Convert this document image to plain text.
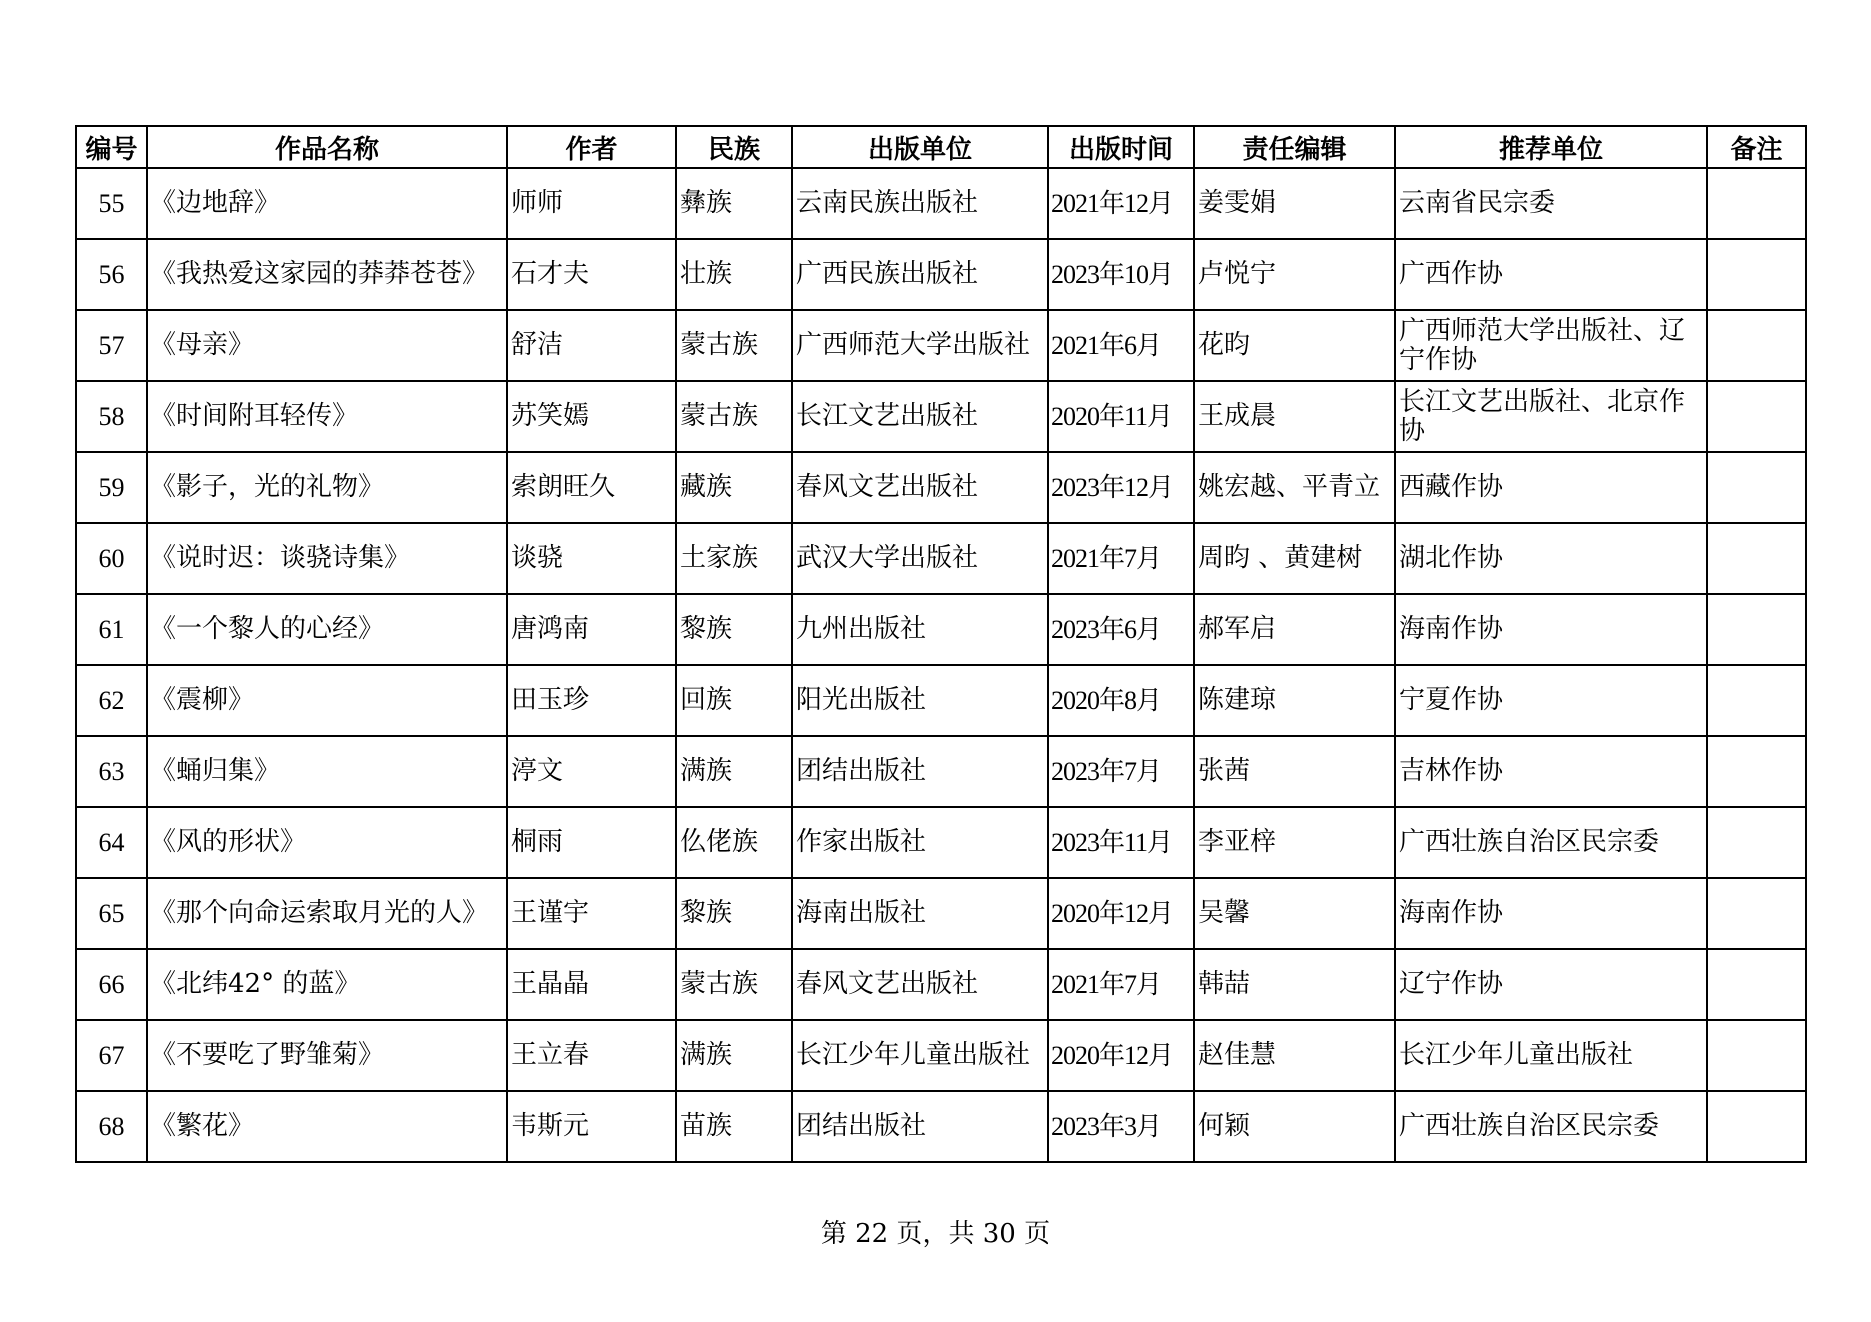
编号	作品名称	作者	民族	出版单位	出版时间	责任编辑	推荐单位	备注
55	《边地辞》	师师	彝族	云南民族出版社	2021年12月	姜雯娟	云南省民宗委	
56	《我热爱这家园的莽莽苍苍》	石才夫	壮族	广西民族出版社	2023年10月	卢悦宁	广西作协	
57	《母亲》	舒洁	蒙古族	广西师范大学出版社	2021年6月	花昀	广西师范大学出版社、辽宁作协	
58	《时间附耳轻传》	苏笑嫣	蒙古族	长江文艺出版社	2020年11月	王成晨	长江文艺出版社、北京作协	
59	《影子，光的礼物》	索朗旺久	藏族	春风文艺出版社	2023年12月	姚宏越、平青立	西藏作协	
60	《说时迟：谈骁诗集》	谈骁	土家族	武汉大学出版社	2021年7月	周昀 、黄建树	湖北作协	
61	《一个黎人的心经》	唐鸿南	黎族	九州出版社	2023年6月	郝军启	海南作协	
62	《震柳》	田玉珍	回族	阳光出版社	2020年8月	陈建琼	宁夏作协	
63	《蛹归集》	渟文	满族	团结出版社	2023年7月	张茜	吉林作协	
64	《风的形状》	桐雨	仫佬族	作家出版社	2023年11月	李亚梓	广西壮族自治区民宗委	
65	《那个向命运索取月光的人》	王谨宇	黎族	海南出版社	2020年12月	吴馨	海南作协	
66	《北纬42° 的蓝》	王晶晶	蒙古族	春风文艺出版社	2021年7月	韩喆	辽宁作协	
67	《不要吃了野雏菊》	王立春	满族	长江少年儿童出版社	2020年12月	赵佳慧	长江少年儿童出版社	
68	《繁花》	韦斯元	苗族	团结出版社	2023年3月	何颖	广西壮族自治区民宗委	
第 22 页，共 30 页
